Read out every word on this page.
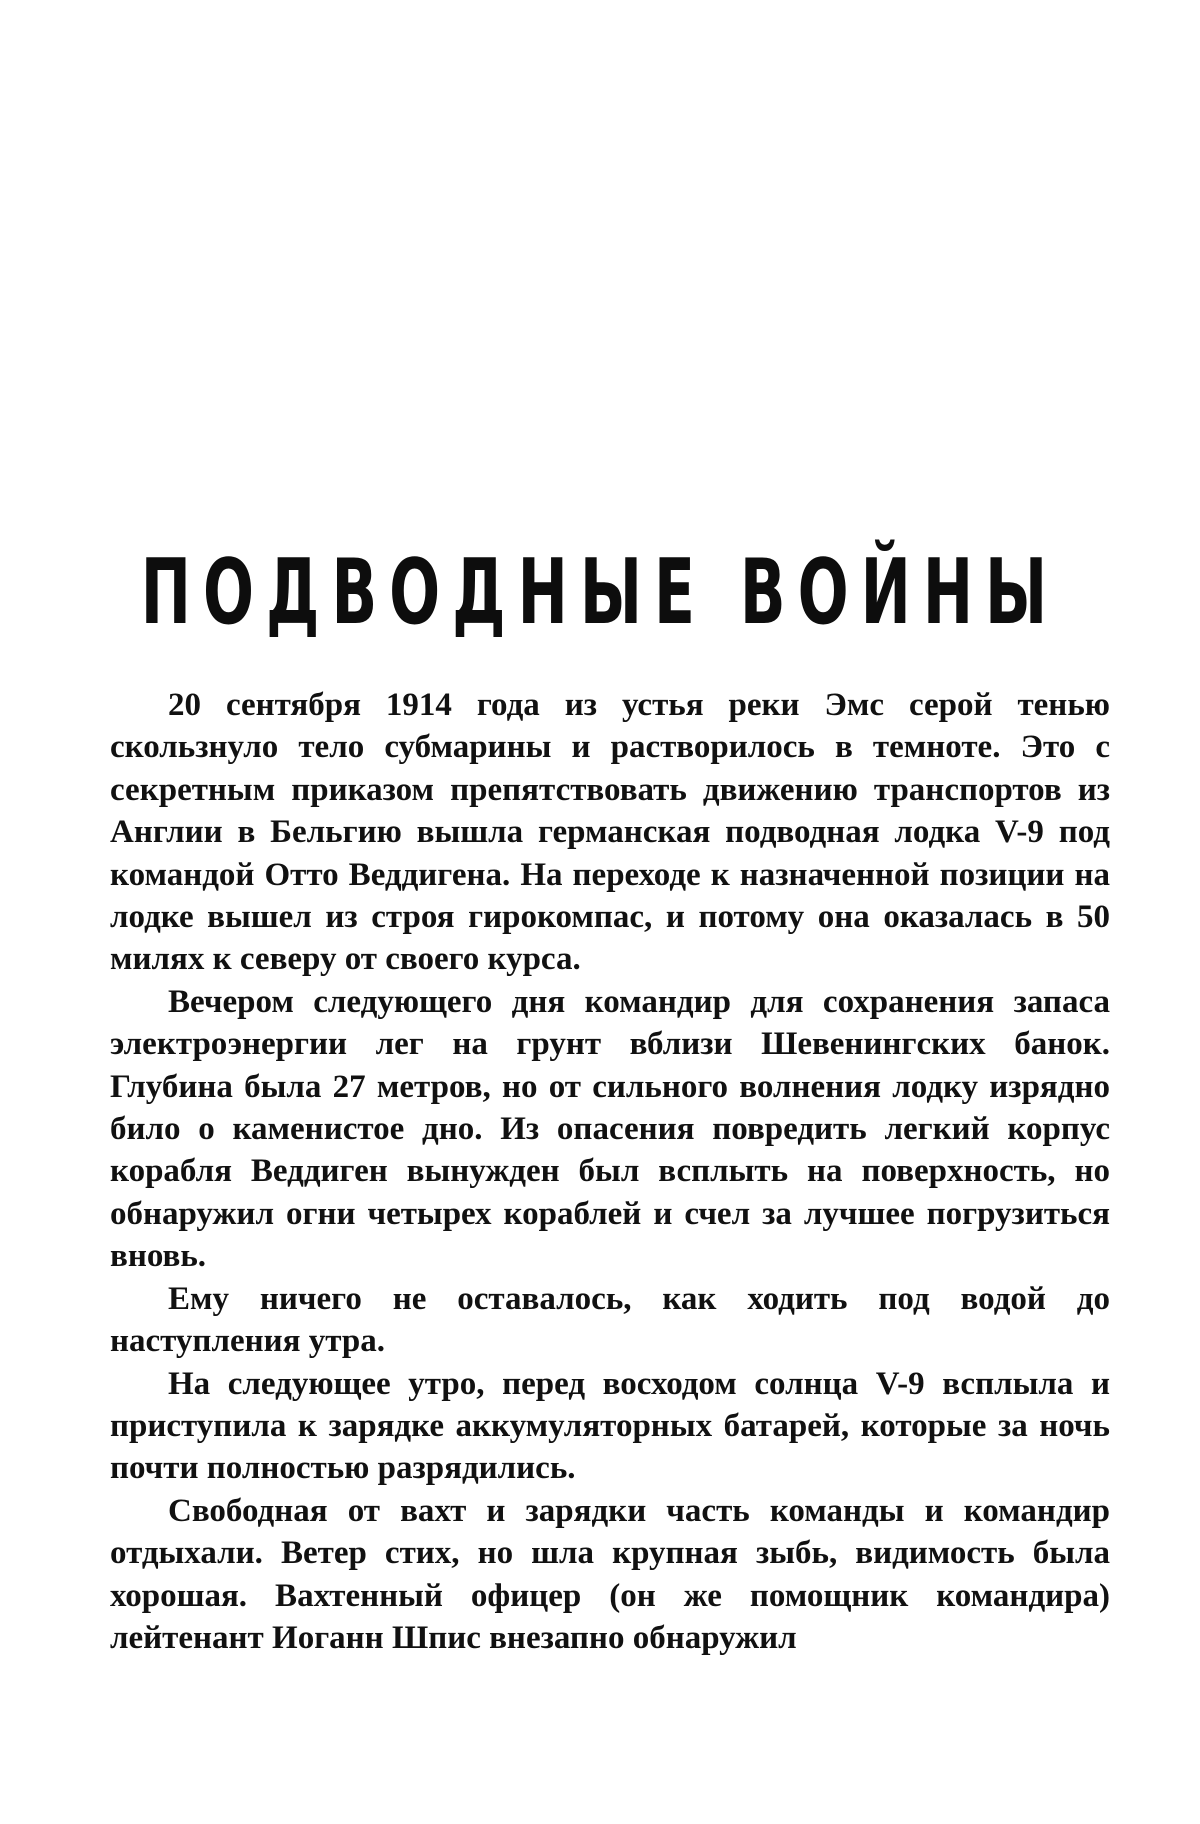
ПОДВОДНЫЕ ВОЙНЫ

20 сентября 1914 года из устья реки Эмс серой тенью скользнуло тело субмарины и растворилось в темноте. Это с секретным приказом препятствовать движению транспортов из Англии в Бельгию вышла германская подводная лодка V-9 под командой Отто Веддигена. На переходе к назначенной позиции на лодке вышел из строя гирокомпас, и потому она оказалась в 50 милях к северу от своего курса.

Вечером следующего дня командир для сохранения запаса электроэнергии лег на грунт вблизи Шевенингских банок. Глубина была 27 метров, но от сильного волнения лодку изрядно било о каменистое дно. Из опасения повредить легкий корпус корабля Веддиген вынужден был всплыть на поверхность, но обнаружил огни четырех кораблей и счел за лучшее погрузиться вновь.

Ему ничего не оставалось, как ходить под водой до наступления утра.

На следующее утро, перед восходом солнца V-9 всплыла и приступила к зарядке аккумуляторных батарей, которые за ночь почти полностью разрядились.

Свободная от вахт и зарядки часть команды и командир отдыхали. Ветер стих, но шла крупная зыбь, видимость была хорошая. Вахтенный офицер (он же помощник командира) лейтенант Иоганн Шпис внезапно обнаружил
